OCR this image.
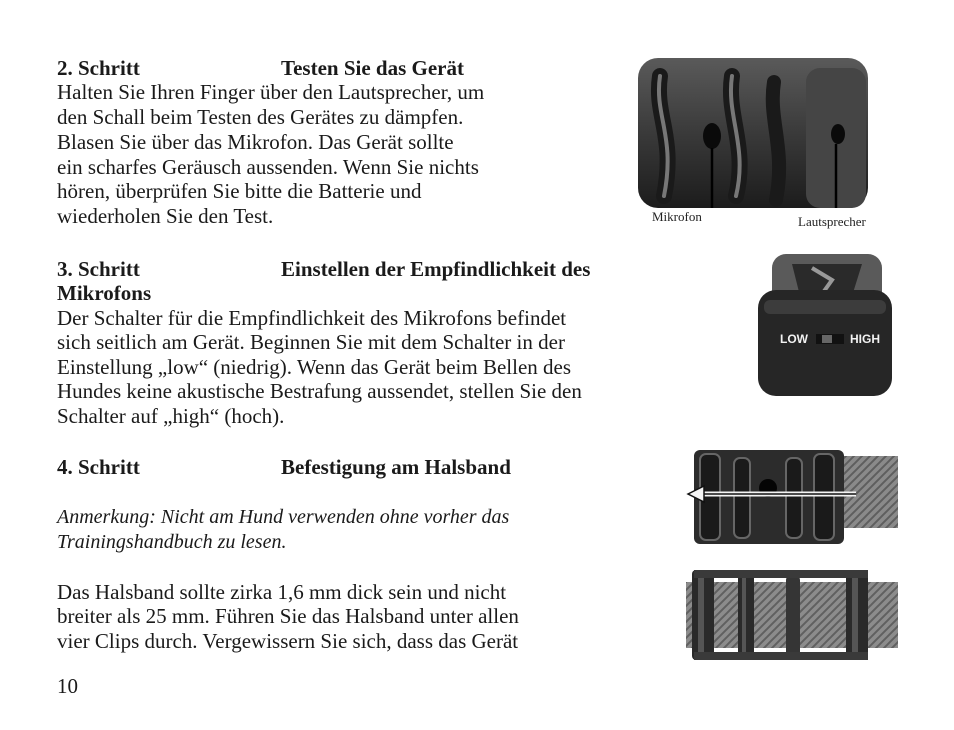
2. Schritt	Testen Sie das Gerät
Halten Sie Ihren Finger über den Lautsprecher, um
den Schall beim Testen des Gerätes zu dämpfen.
Blasen Sie über das Mikrofon. Das Gerät sollte
ein scharfes Geräusch aussenden. Wenn Sie nichts
hören, überprüfen Sie bitte die Batterie und
wiederholen Sie den Test.	Mikrofon	Lautsprecher
3. Schritt	Einstellen der Empfindlichkeit des
Mikrofons
Der Schalter für die Empfindlichkeit des Mikrofons befindet
sich seitlich am Gerät. Beginnen Sie mit dem Schalter in der
Einstellung „low“ (niedrig). Wenn das Gerät beim Bellen des
Hundes keine akustische Bestrafung aussendet, stellen Sie den
Schalter auf „high“ (hoch).
LOW	HIGH
4. Schritt	Befestigung am Halsband
Anmerkung: Nicht am Hund verwenden ohne vorher das
Trainingshandbuch zu lesen.
Das Halsband sollte zirka 1,6 mm dick sein und nicht
breiter als 25 mm. Führen Sie das Halsband unter allen
vier Clips durch. Vergewissern Sie sich, dass das Gerät
10
